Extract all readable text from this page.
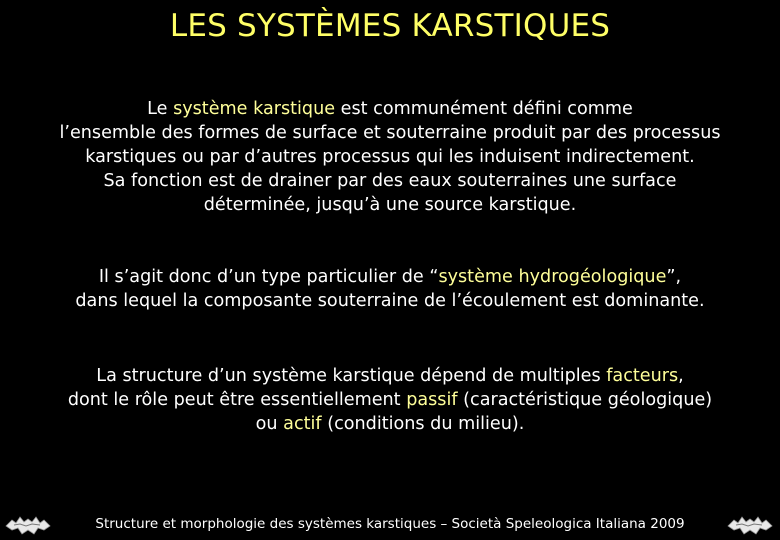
LES SYSTÈMES KARSTIQUES
Le système karstique est communément défini comme
l’ensemble des formes de surface et souterraine produit par des processus
karstiques ou par d’autres processus qui les induisent indirectement.
Sa fonction est de drainer par des eaux souterraines une surface
déterminée, jusqu’à une source karstique.
Il s’agit donc d’un type particulier de “système hydrogéologique”,
dans lequel la composante souterraine de l’écoulement est dominante.
La structure d’un système karstique dépend de multiples facteurs,
dont le rôle peut être essentiellement passif (caractéristique géologique)
ou actif (conditions du milieu).
Structure et morphologie des systèmes karstiques – Società Speleologica Italiana 2009
